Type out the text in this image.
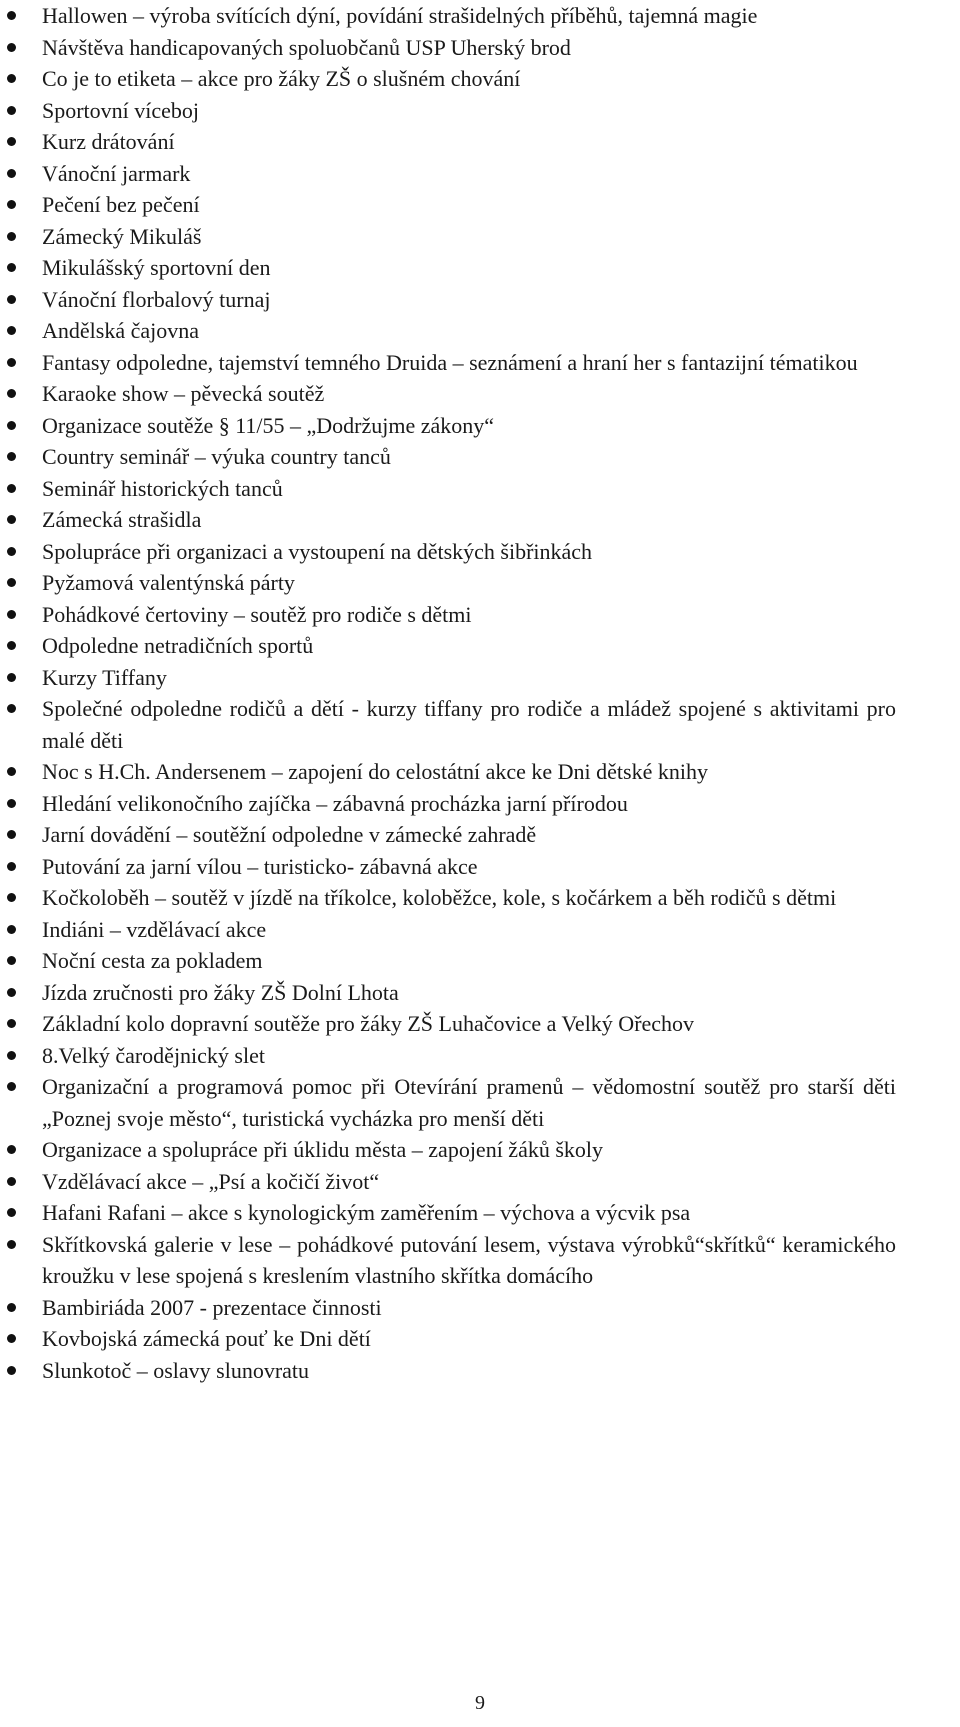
Hallowen – výroba svítících dýní, povídání strašidelných příběhů, tajemná magie
Návštěva handicapovaných spoluobčanů USP Uherský brod
Co je to etiketa – akce pro žáky ZŠ o slušném chování
Sportovní víceboj
Kurz drátování
Vánoční jarmark
Pečení bez pečení
Zámecký Mikuláš
Mikulášský sportovní den
Vánoční florbalový turnaj
Andělská čajovna
Fantasy odpoledne, tajemství temného Druida – seznámení a hraní her s fantazijní tématikou
Karaoke show – pěvecká soutěž
Organizace soutěže § 11/55 – „Dodržujme zákony“
Country seminář – výuka country tanců
Seminář historických tanců
Zámecká strašidla
Spolupráce při organizaci a vystoupení na dětských šibřinkách
Pyžamová valentýnská párty
Pohádkové čertoviny – soutěž pro rodiče s dětmi
Odpoledne netradičních sportů
Kurzy Tiffany
Společné odpoledne rodičů a dětí - kurzy tiffany pro rodiče a mládež spojené s aktivitami pro malé děti
Noc s H.Ch. Andersenem – zapojení do celostátní akce ke Dni dětské knihy
Hledání velikonočního zajíčka – zábavná procházka jarní přírodou
Jarní dovádění – soutěžní odpoledne v zámecké zahradě
Putování za jarní vílou – turisticko- zábavná akce
Kočkoloběh – soutěž v jízdě na tříkolce, koloběžce, kole, s kočárkem a běh rodičů s dětmi
Indiáni – vzdělávací akce
Noční cesta za pokladem
Jízda zručnosti pro žáky ZŠ Dolní Lhota
Základní kolo dopravní soutěže pro žáky ZŠ Luhačovice a Velký Ořechov
8.Velký čarodějnický slet
Organizační a programová pomoc při Otevírání pramenů – vědomostní soutěž pro starší děti „Poznej svoje město“, turistická vycházka pro menší děti
Organizace a spolupráce při úklidu města – zapojení žáků školy
Vzdělávací akce – „Psí a kočičí život“
Hafani Rafani – akce s kynologickým zaměřením – výchova a výcvik psa
Skřítkovská galerie v lese – pohádkové putování lesem, výstava výrobků“skřítků“ keramického kroužku v lese spojená s kreslením vlastního skřítka domácího
Bambiriáda 2007 - prezentace činnosti
Kovbojská zámecká pouť ke Dni dětí
Slunkotoč – oslavy slunovratu
9
